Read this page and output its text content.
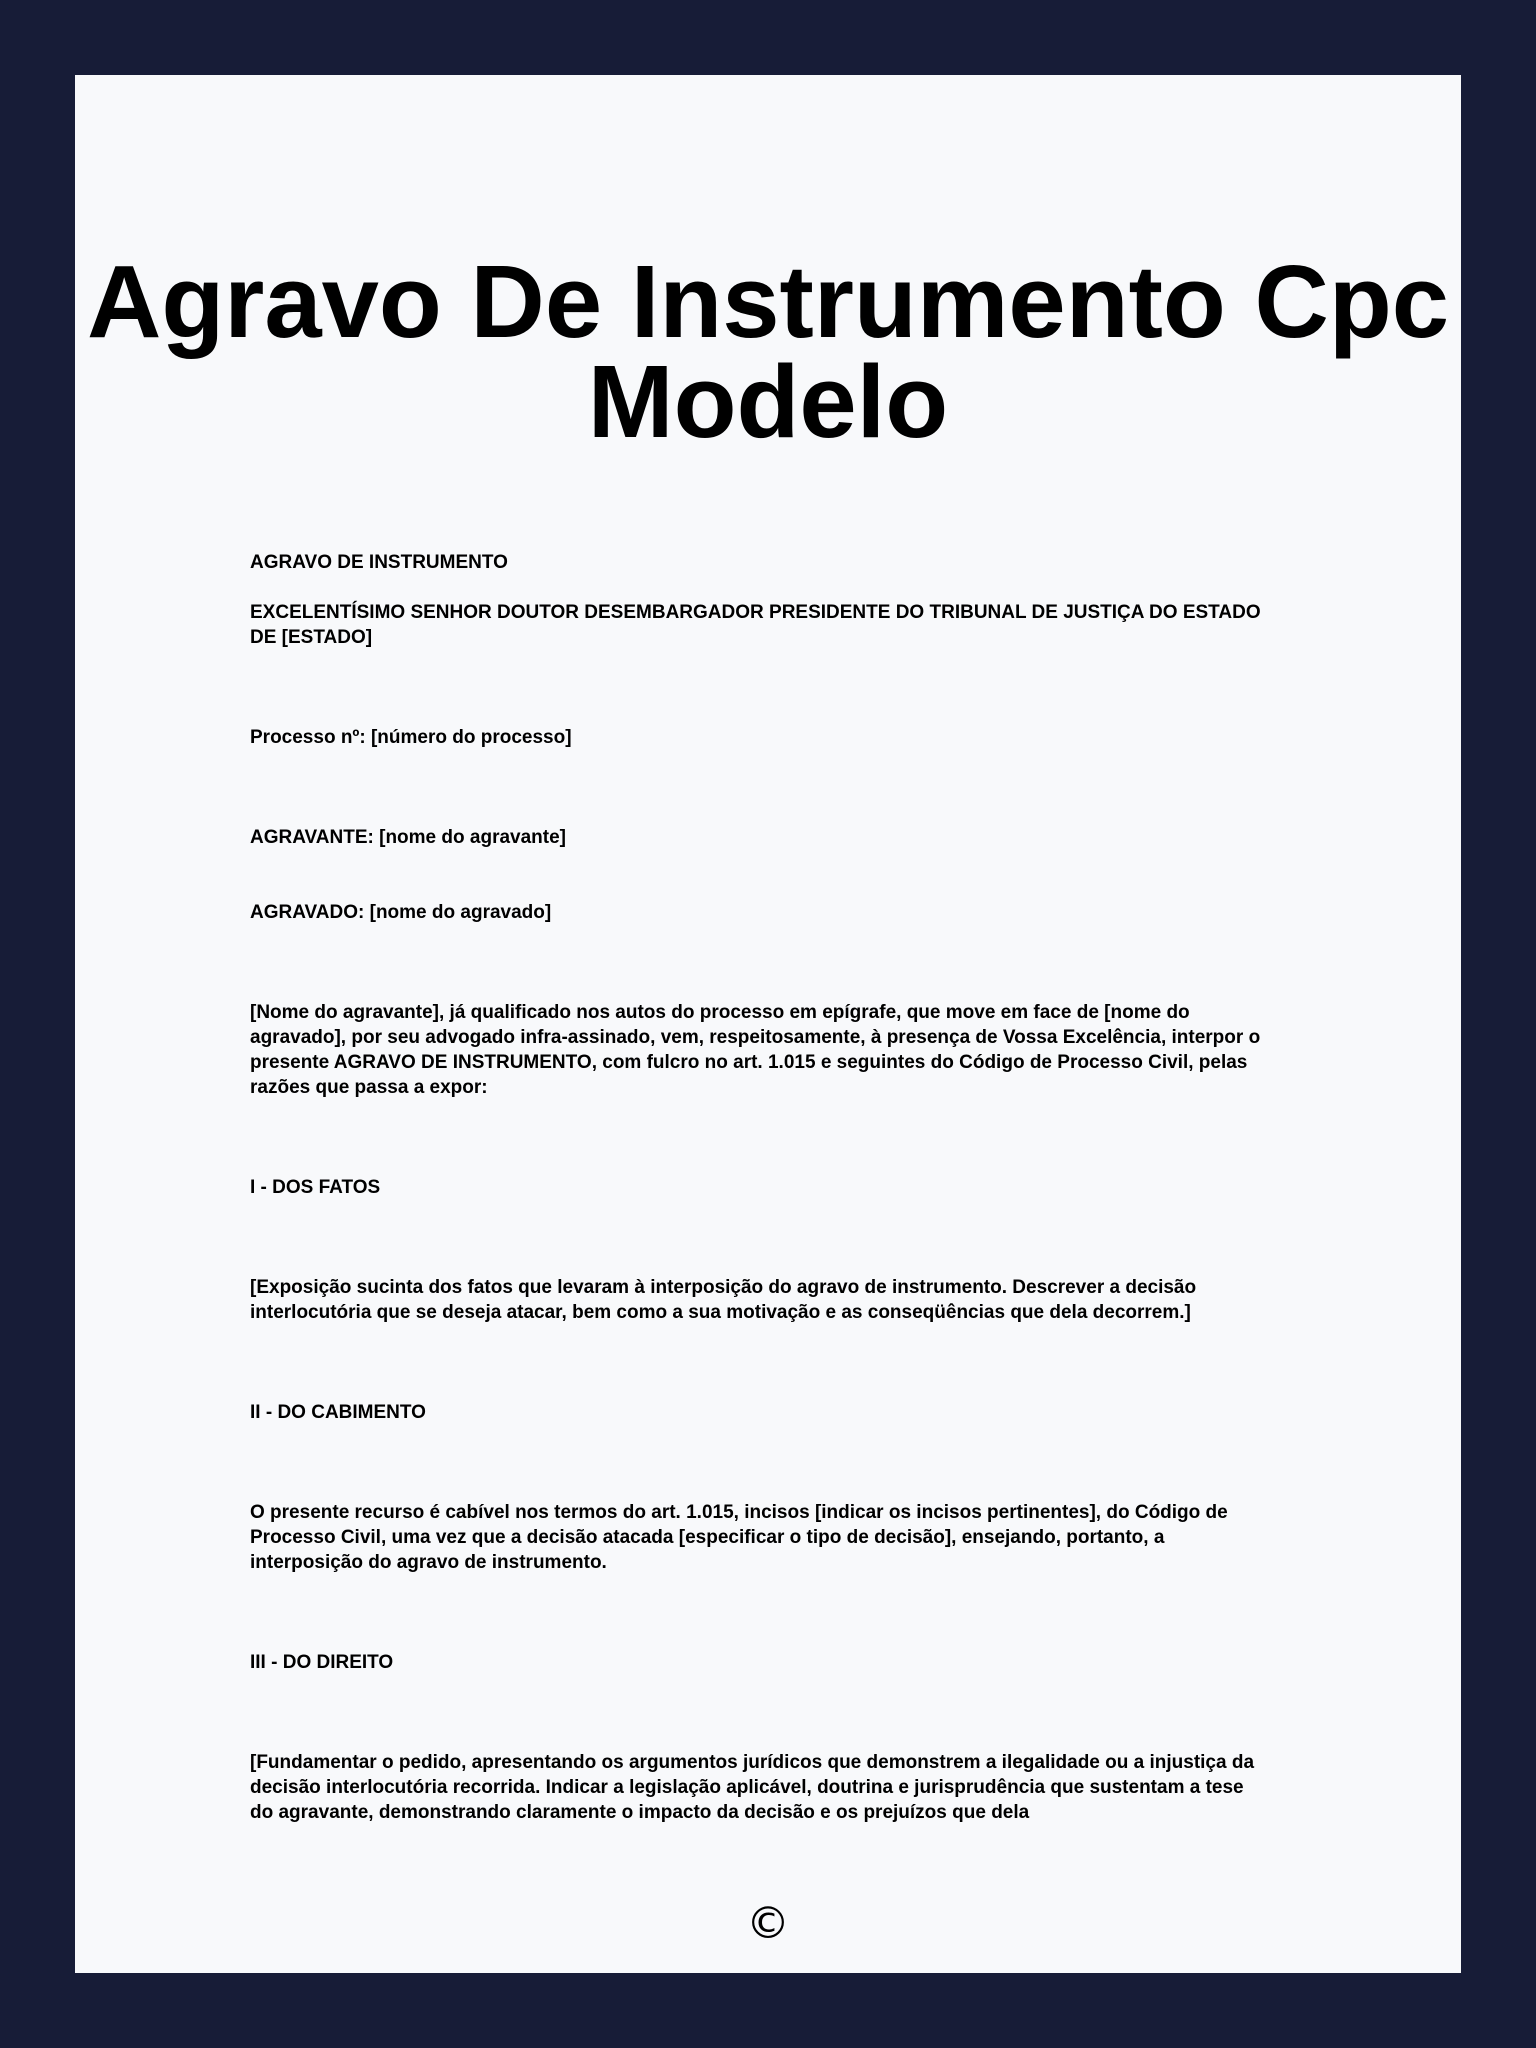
Agravo De Instrumento Cpc Modelo

AGRAVO DE INSTRUMENTO

EXCELENTÍSIMO SENHOR DOUTOR DESEMBARGADOR PRESIDENTE DO TRIBUNAL DE JUSTIÇA DO ESTADO DE [ESTADO]

Processo nº: [número do processo]

AGRAVANTE: [nome do agravante]

AGRAVADO: [nome do agravado]

[Nome do agravante], já qualificado nos autos do processo em epígrafe, que move em face de [nome do agravado], por seu advogado infra-assinado, vem, respeitosamente, à presença de Vossa Excelência, interpor o presente AGRAVO DE INSTRUMENTO, com fulcro no art. 1.015 e seguintes do Código de Processo Civil, pelas razões que passa a expor:

I - DOS FATOS

[Exposição sucinta dos fatos que levaram à interposição do agravo de instrumento. Descrever a decisão interlocutória que se deseja atacar, bem como a sua motivação e as conseqüências que dela decorrem.]

II - DO CABIMENTO

O presente recurso é cabível nos termos do art. 1.015, incisos [indicar os incisos pertinentes], do Código de Processo Civil, uma vez que a decisão atacada [especificar o tipo de decisão], ensejando, portanto, a interposição do agravo de instrumento.

III - DO DIREITO

[Fundamentar o pedido, apresentando os argumentos jurídicos que demonstrem a ilegalidade ou a injustiça da decisão interlocutória recorrida. Indicar a legislação aplicável, doutrina e jurisprudência que sustentam a tese do agravante, demonstrando claramente o impacto da decisão e os prejuízos que dela

©
